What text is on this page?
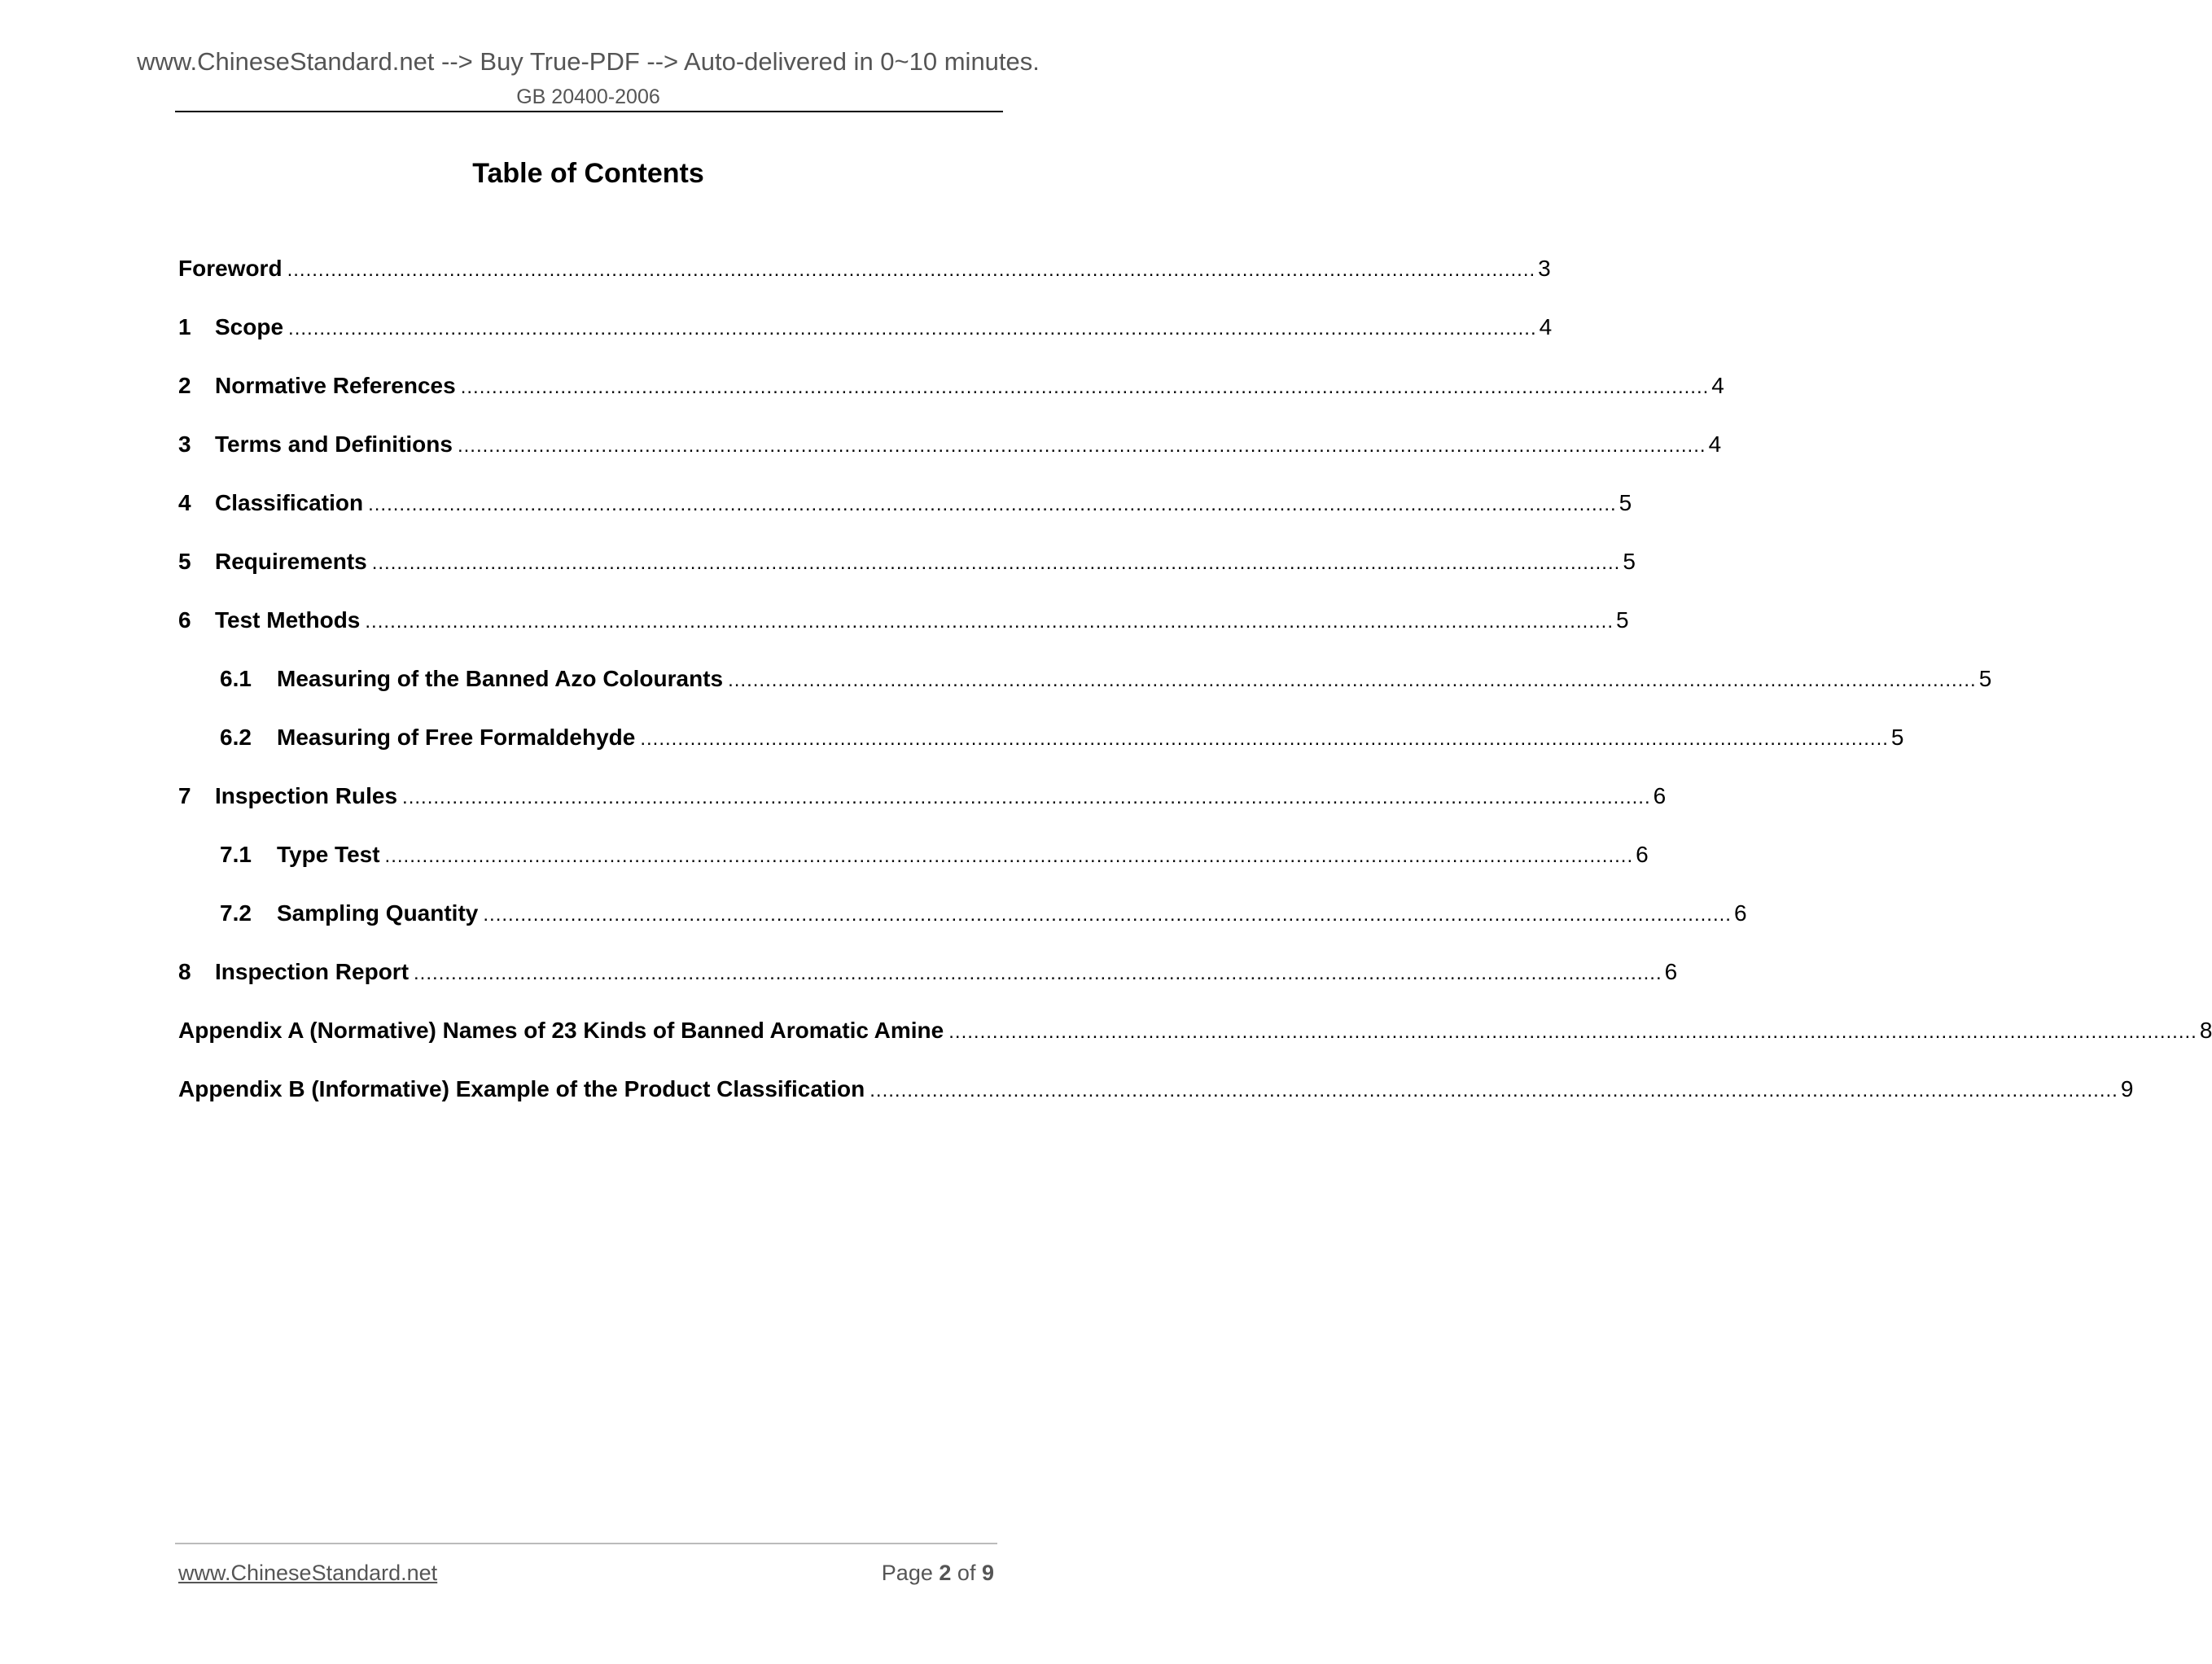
www.ChineseStandard.net --> Buy True-PDF --> Auto-delivered in 0~10 minutes.
GB 20400-2006
Table of Contents
Foreword ........................................................................................................................................................................................................ 3
1	Scope ........................................................................................................................................................................................................ 4
2	Normative References ........................................................................................................................................................................................................ 4
3	Terms and Definitions ........................................................................................................................................................................................................ 4
4	Classification ........................................................................................................................................................................................................ 5
5	Requirements ........................................................................................................................................................................................................ 5
6	Test Methods ........................................................................................................................................................................................................ 5
6.1	Measuring of the Banned Azo Colourants ........................................................................................................................................................................................................ 5
6.2	Measuring of Free Formaldehyde ........................................................................................................................................................................................................ 5
7	Inspection Rules ........................................................................................................................................................................................................ 6
7.1	Type Test ........................................................................................................................................................................................................ 6
7.2	Sampling Quantity ........................................................................................................................................................................................................ 6
8	Inspection Report ........................................................................................................................................................................................................ 6
Appendix A (Normative) Names of 23 Kinds of Banned Aromatic Amine ........................................................................................................................................................................................................ 8
Appendix B (Informative) Example of the Product Classification ........................................................................................................................................................................................................ 9
www.ChineseStandard.net	Page 2 of 9
